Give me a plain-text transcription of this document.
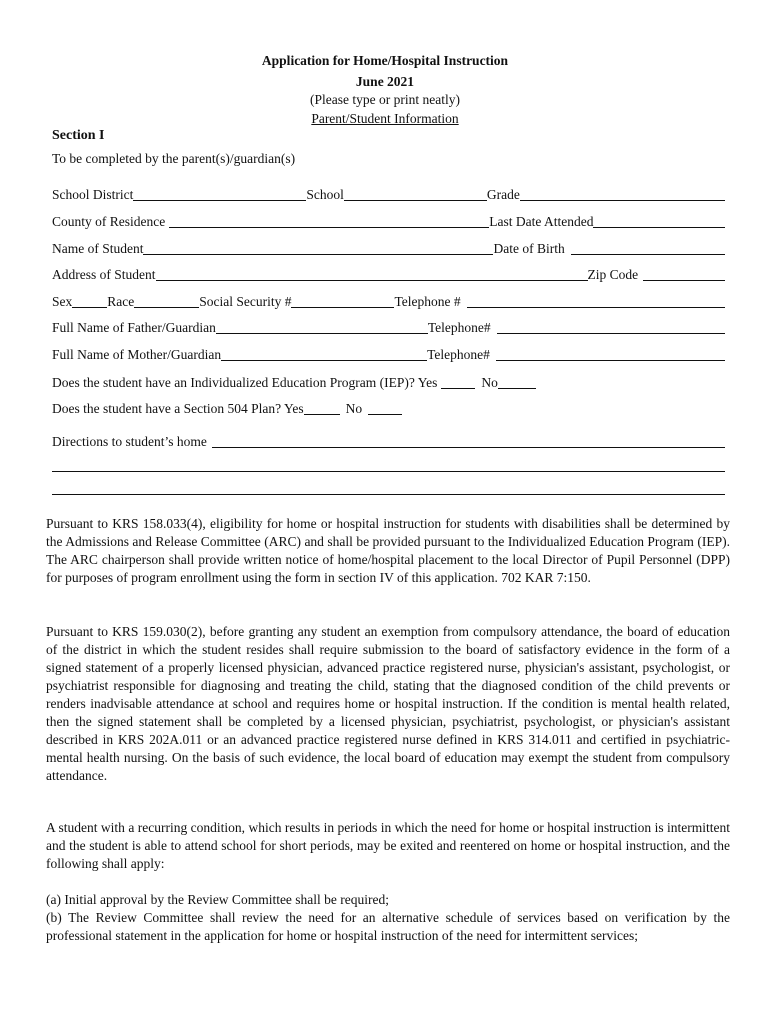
Application for Home/Hospital Instruction
June 2021
(Please type or print neatly)
Parent/Student Information
Section I
To be completed by the parent(s)/guardian(s)
School District	School	Grade
County of Residence	Last Date Attended
Name of Student	Date of Birth
Address of Student	Zip Code
Sex	Race	Social Security #	Telephone #
Full Name of Father/Guardian	Telephone#
Full Name of Mother/Guardian	Telephone#
Does the student have an Individualized Education Program (IEP)? Yes	No
Does the student have a Section 504 Plan? Yes	No
Directions to student’s home
Pursuant to KRS 158.033(4), eligibility for home or hospital instruction for students with disabilities shall be determined by the Admissions and Release Committee (ARC) and shall be provided pursuant to the Individualized Education Program (IEP). The ARC chairperson shall provide written notice of home/hospital placement to the local Director of Pupil Personnel (DPP) for purposes of program enrollment using the form in section IV of this application. 702 KAR 7:150.
Pursuant to KRS 159.030(2), before granting any student an exemption from compulsory attendance, the board of education of the district in which the student resides shall require submission to the board of satisfactory evidence in the form of a signed statement of a properly licensed physician, advanced practice registered nurse, physician's assistant, psychologist, or psychiatrist responsible for diagnosing and treating the child, stating that the diagnosed condition of the child prevents or renders inadvisable attendance at school and requires home or hospital instruction. If the condition is mental health related, then the signed statement shall be completed by a licensed physician, psychiatrist, psychologist, or physician's assistant described in KRS 202A.011 or an advanced practice registered nurse defined in KRS 314.011 and certified in psychiatric-mental health nursing. On the basis of such evidence, the local board of education may exempt the student from compulsory attendance.
A student with a recurring condition, which results in periods in which the need for home or hospital instruction is intermittent and the student is able to attend school for short periods, may be exited and reentered on home or hospital instruction, and the following shall apply:
(a) Initial approval by the Review Committee shall be required;
(b) The Review Committee shall review the need for an alternative schedule of services based on verification by the professional statement in the application for home or hospital instruction of the need for intermittent services;
